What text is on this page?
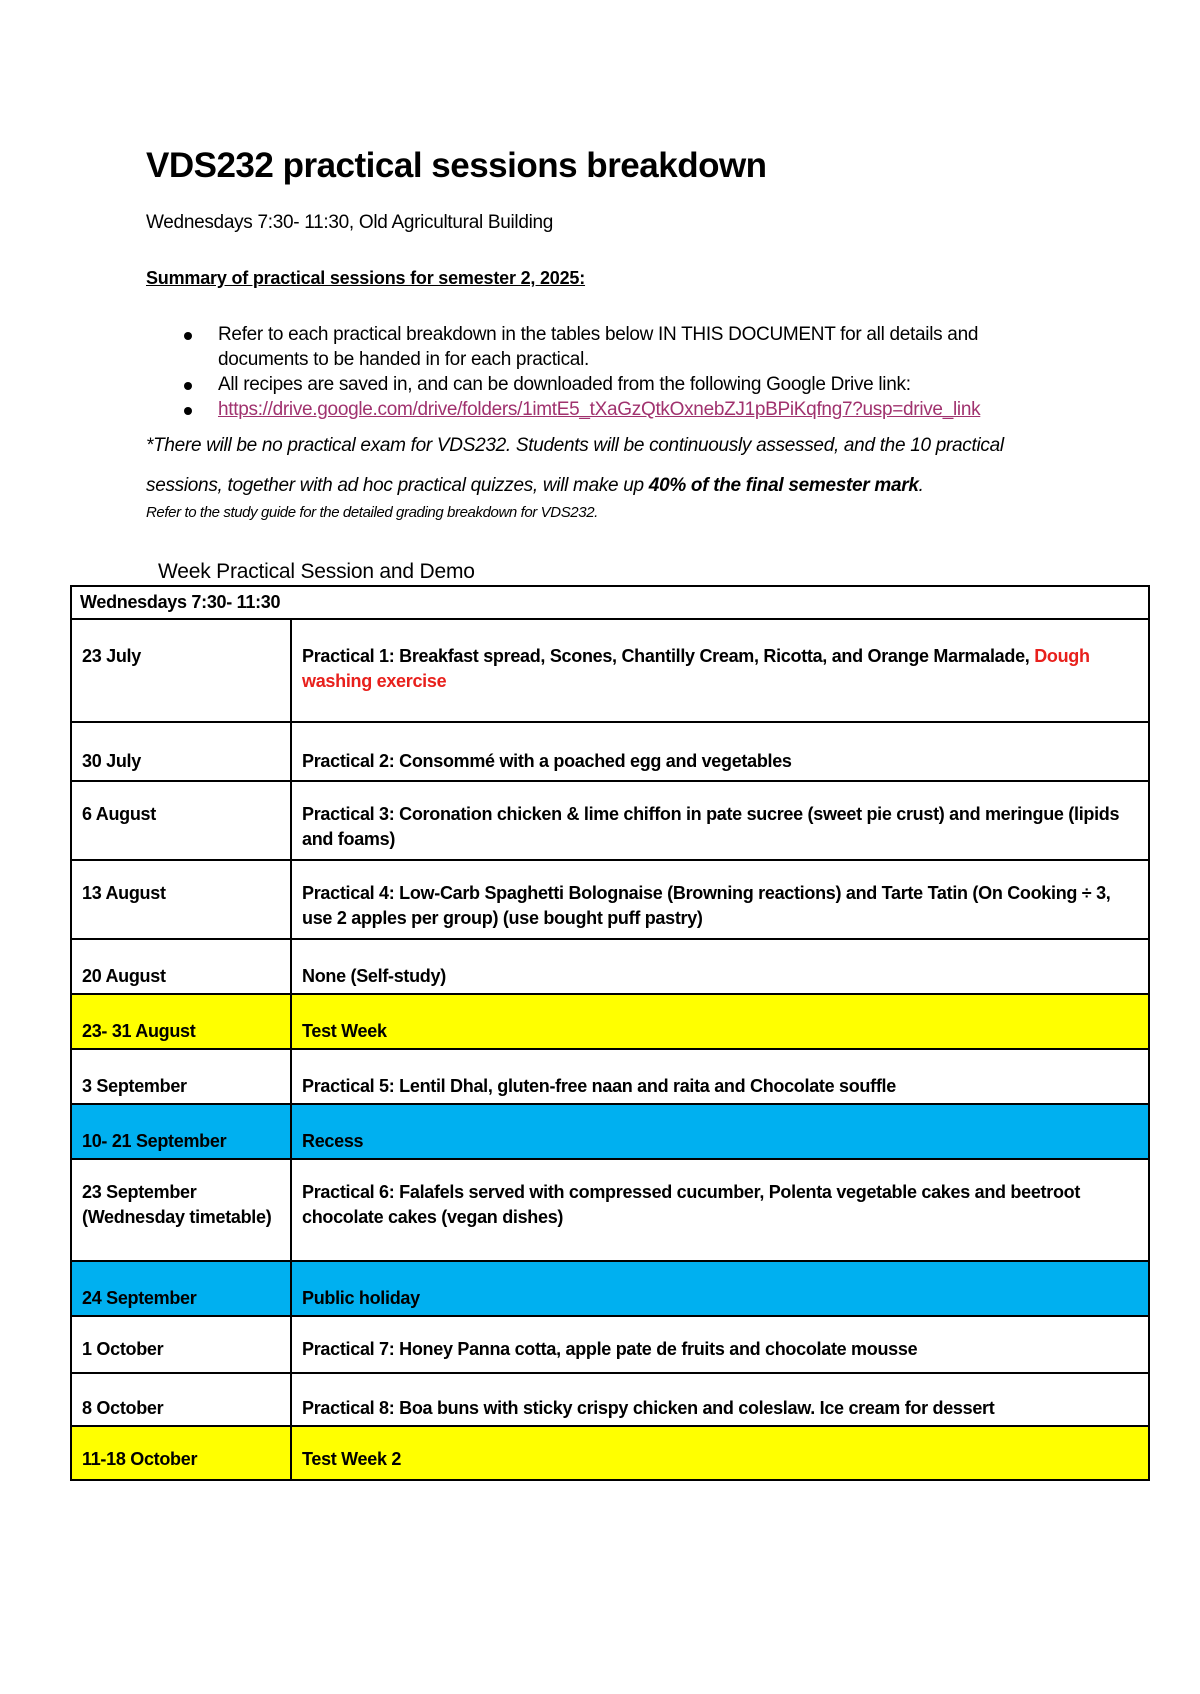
VDS232 practical sessions breakdown
Wednesdays 7:30- 11:30, Old Agricultural Building
Summary of practical sessions for semester 2, 2025:
Refer to each practical breakdown in the tables below IN THIS DOCUMENT for all details and documents to be handed in for each practical.
All recipes are saved in, and can be downloaded from the following Google Drive link:
https://drive.google.com/drive/folders/1imtE5_tXaGzQtkOxnebZJ1pBPiKqfng7?usp=drive_link
*There will be no practical exam for VDS232. Students will be continuously assessed, and the 10 practical sessions, together with ad hoc practical quizzes, will make up 40% of the final semester mark.
Refer to the study guide for the detailed grading breakdown for VDS232.
Week Practical Session and Demo
Wednesdays 7:30- 11:30	
23 July	Practical 1: Breakfast spread, Scones, Chantilly Cream, Ricotta, and Orange Marmalade, Dough washing exercise
30 July	Practical 2: Consommé with a poached egg and vegetables
6 August	Practical 3: Coronation chicken & lime chiffon in pate sucree (sweet pie crust) and meringue (lipids and foams)
13 August	Practical 4: Low-Carb Spaghetti Bolognaise (Browning reactions) and Tarte Tatin (On Cooking ÷ 3, use 2 apples per group) (use bought puff pastry)
20 August	None (Self-study)
23- 31 August	Test Week
3 September	Practical 5: Lentil Dhal, gluten-free naan and raita and Chocolate souffle
10- 21 September	Recess
23 September (Wednesday timetable)	Practical 6: Falafels served with compressed cucumber, Polenta vegetable cakes and beetroot chocolate cakes (vegan dishes)
24 September	Public holiday
1 October	Practical 7: Honey Panna cotta, apple pate de fruits and chocolate mousse
8 October	Practical 8: Boa buns with sticky crispy chicken and coleslaw. Ice cream for dessert
11-18 October	Test Week 2
